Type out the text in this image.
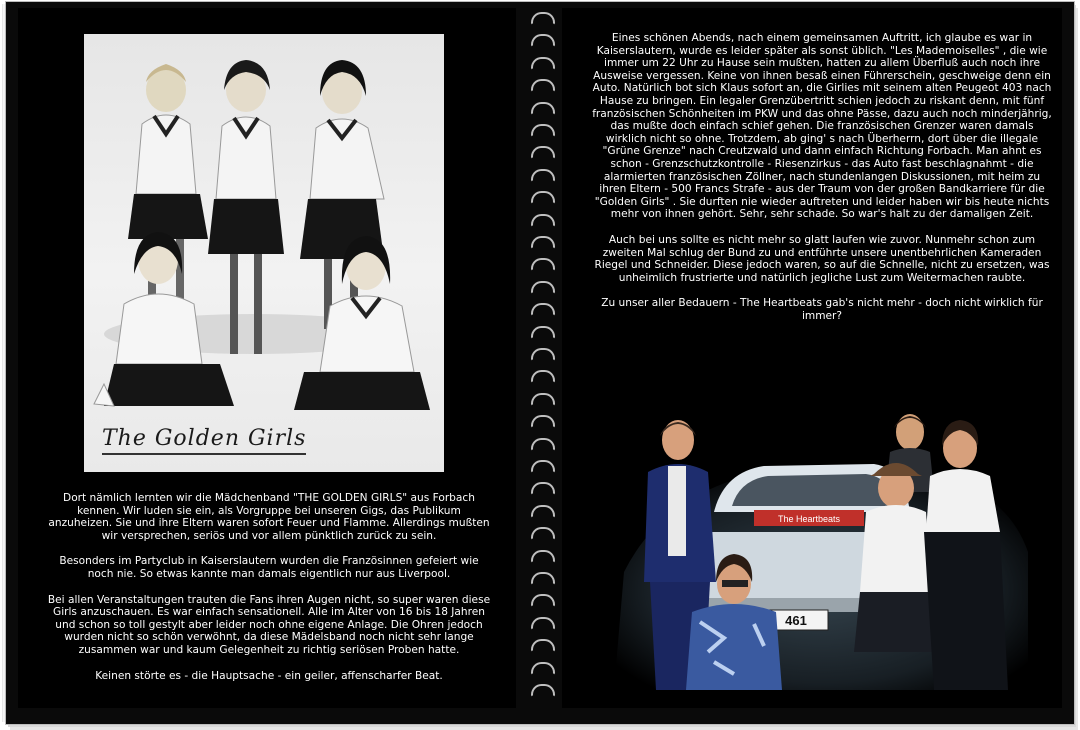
The Golden Girls

Dort nämlich lernten wir die Mädchenband "THE GOLDEN GIRLS" aus Forbach kennen. Wir luden sie ein, als Vorgruppe bei unseren Gigs, das Publikum anzuheizen. Sie und ihre Eltern waren sofort Feuer und Flamme. Allerdings mußten wir versprechen, seriös und vor allem pünktlich zurück zu sein.

Besonders im Partyclub in Kaiserslautern wurden die Französinnen gefeiert wie noch nie. So etwas kannte man damals eigentlich nur aus Liverpool.

Bei allen Veranstaltungen trauten die Fans ihren Augen nicht, so super waren diese Girls anzuschauen. Es war einfach sensationell. Alle im Alter von 16 bis 18 Jahren und schon so toll gestylt aber leider noch ohne eigene Anlage. Die Ohren jedoch wurden nicht so schön verwöhnt, da diese Mädelsband noch nicht sehr lange zusammen war und kaum Gelegenheit zu richtig seriösen Proben hatte.

Keinen störte es - die Hauptsache - ein geiler, affenscharfer Beat.

Eines schönen Abends, nach einem gemeinsamen Auftritt, ich glaube es war in Kaiserslautern, wurde es leider später als sonst üblich. "Les Mademoiselles" , die wie immer um 22 Uhr zu Hause sein mußten, hatten zu allem Überfluß auch noch ihre Ausweise vergessen. Keine von ihnen besaß einen Führerschein, geschweige denn ein Auto. Natürlich bot sich Klaus sofort an, die Girlies mit seinem alten Peugeot 403 nach Hause zu bringen. Ein legaler Grenzübertritt schien jedoch zu riskant denn, mit fünf französischen Schönheiten im PKW und das ohne Pässe, dazu auch noch minderjährig, das mußte doch einfach schief gehen. Die französischen Grenzer waren damals wirklich nicht so ohne. Trotzdem, ab ging' s nach Überherrn, dort über die illegale "Grüne Grenze" nach Creutzwald und dann einfach Richtung Forbach. Man ahnt es schon - Grenzschutzkontrolle - Riesenzirkus - das Auto fast beschlagnahmt - die alarmierten französischen Zöllner, nach stundenlangen Diskussionen, mit heim zu ihren Eltern - 500 Francs Strafe - aus der Traum von der großen Bandkarriere für die "Golden Girls" . Sie durften nie wieder auftreten und leider haben wir bis heute nichts mehr von ihnen gehört. Sehr, sehr schade. So war's halt zu der damaligen Zeit.

Auch bei uns sollte es nicht mehr so glatt laufen wie zuvor. Nunmehr schon zum zweiten Mal schlug der Bund zu und entführte unsere unentbehrlichen Kameraden Riegel und Schneider. Diese jedoch waren, so auf die Schnelle, nicht zu ersetzen, was unheimlich frustrierte und natürlich jegliche Lust zum Weitermachen raubte.

Zu unser aller Bedauern - The Heartbeats gab's nicht mehr - doch nicht wirklich für immer?

The Heartbeats
461
